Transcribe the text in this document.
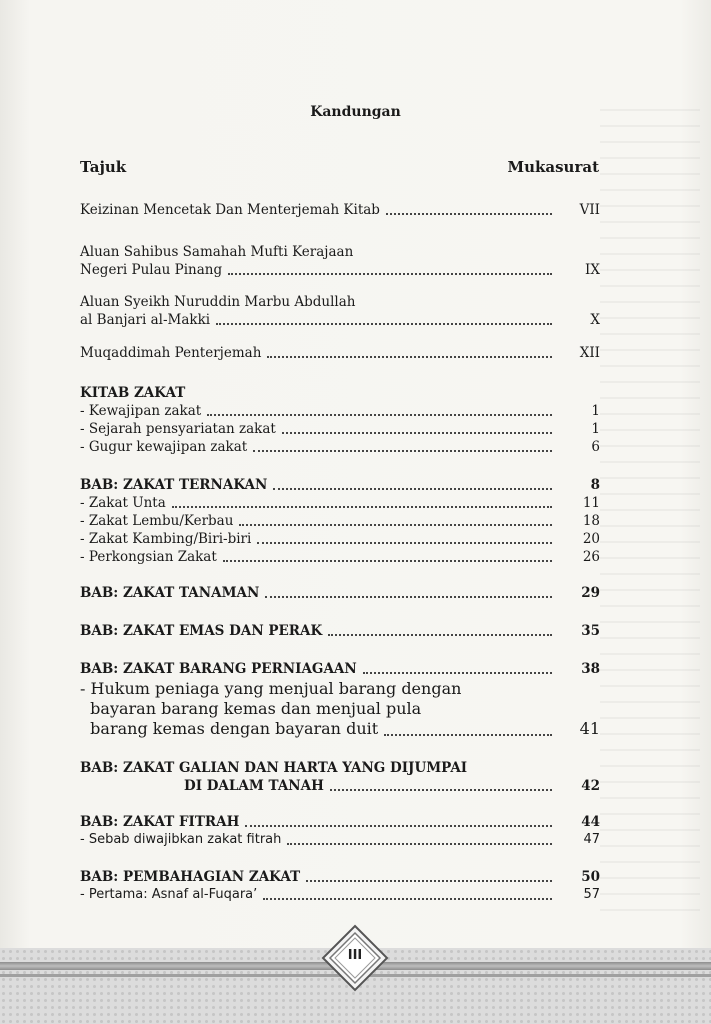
Kandungan
Tajuk	Mukasurat
Keizinan Mencetak Dan Menterjemah Kitab	VII
Aluan Sahibus Samahah Mufti Kerajaan
Negeri Pulau Pinang	IX
Aluan Syeikh Nuruddin Marbu Abdullah
al Banjari al-Makki	X
Muqaddimah Penterjemah	XII
KITAB ZAKAT
- Kewajipan zakat	1
- Sejarah pensyariatan zakat	1
- Gugur kewajipan zakat	6
BAB: ZAKAT TERNAKAN	8
- Zakat Unta	11
- Zakat Lembu/Kerbau	18
- Zakat Kambing/Biri-biri	20
- Perkongsian Zakat	26
BAB: ZAKAT TANAMAN	29
BAB: ZAKAT EMAS DAN PERAK	35
BAB: ZAKAT BARANG PERNIAGAAN	38
- Hukum peniaga yang menjual barang dengan
bayaran barang kemas dan menjual pula
barang kemas dengan bayaran duit	41
BAB: ZAKAT GALIAN DAN HARTA YANG DIJUMPAI
DI DALAM TANAH	42
BAB: ZAKAT FITRAH	44
- Sebab diwajibkan zakat fitrah	47
BAB: PEMBAHAGIAN ZAKAT	50
- Pertama: Asnaf al-Fuqara’	57
III
